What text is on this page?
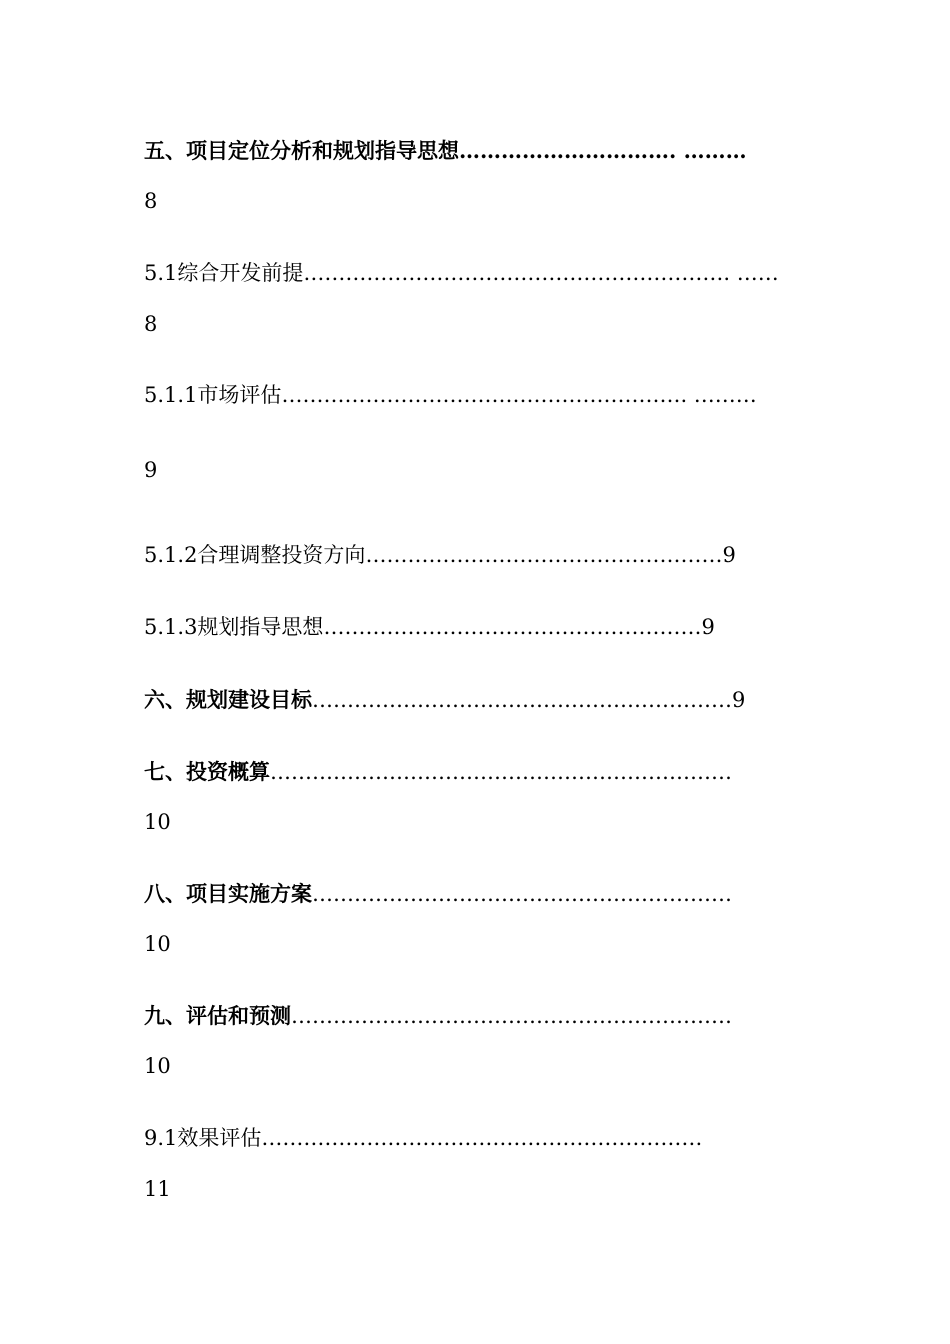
五、项目定位分析和规划指导思想…………………………. ………
8
5.1综合开发前提……………………………………………………. ……
8
5.1.1市场评估…………………………………………………. ………
9
5.1.2合理调整投资方向……………………………………………9
5.1.3规划指导思想………………………………………………9
六、规划建设目标……………………………………………………9
七、投资概算…………………………………………………………
10
八、项目实施方案……………………………………………………
10
九、评估和预测………………………………………………………
10
9.1效果评估………………………………………………………
11
